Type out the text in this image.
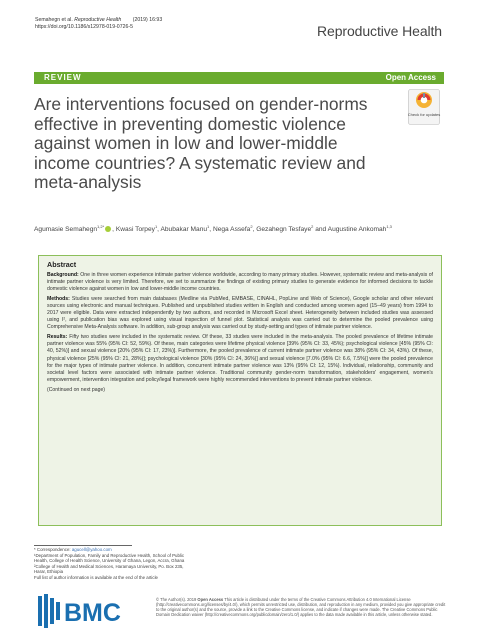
Semahegn et al. Reproductive Health (2019) 16:93
https://doi.org/10.1186/s12978-019-0726-5	Reproductive Health
REVIEW	Open Access
Are interventions focused on gender-norms effective in preventing domestic violence against women in low and lower-middle income countries? A systematic review and meta-analysis
Check for updates
Agumasie Semahegn$^{1,2*}$ , Kwasi Torpey$^1$, Abubakar Manu$^1$, Nega Assefa$^2$, Gezahegn Tesfaye$^2$ and Augustine Ankomah$^{1,3}$
Abstract

Background: One in three women experience intimate partner violence worldwide, according to many primary studies. However, systematic review and meta-analysis of intimate partner violence is very limited. Therefore, we set to summarize the findings of existing primary studies to generate evidence for informed decisions to tackle domestic violence against women in low and lower-middle income countries.

Methods: Studies were searched from main databases (Medline via PubMed, EMBASE, CINAHL, PopLine and Web of Science), Google scholar and other relevant sources using electronic and manual techniques. Published and unpublished studies written in English and conducted among women aged (15–49 years) from 1994 to 2017 were eligible. Data were extracted independently by two authors, and recorded in Microsoft Excel sheet. Heterogeneity between included studies was assessed using I², and publication bias was explored using visual inspection of funnel plot. Statistical analysis was carried out to determine the pooled prevalence using Comprehensive Meta-Analysis software. In addition, sub-group analysis was carried out by study-setting and types of intimate partner violence.

Results: Fifty two studies were included in the systematic review. Of these, 33 studies were included in the meta-analysis. The pooled prevalence of lifetime intimate partner violence was 55% (95% CI: 52, 59%). Of these, main categories were lifetime physical violence [39% (95% CI: 33, 45%); psychological violence [45% (95% CI: 40, 52%)] and sexual violence [20% (95% CI: 17, 23%)]. Furthermore, the pooled prevalence of current intimate partner violence was 38% (95% CI: 34, 43%). Of these, physical violence [25% (95% CI: 21, 28%)]; psychological violence [30% (95% CI: 24, 36%)] and sexual violence [7.0% (95% CI: 6.6, 7.5%)] were the pooled prevalence for the major types of intimate partner violence. In addition, concurrent intimate partner violence was 13% (95% CI: 12, 15%). Individual, relationship, community and societal level factors were associated with intimate partner violence. Traditional community gender-norm transformation, stakeholders' engagement, women's empowerment, intervention integration and policy/legal framework were highly recommended interventions to prevent intimate partner violence.

(Continued on next page)

* Correspondence: agucell@yahoo.com
¹Department of Population, Family and Reproductive Health, School of Public Health, College of Health Science, University of Ghana, Legon, Accra, Ghana
²College of Health and Medical Sciences, Haramaya University, Po. Box 235, Harar, Ethiopia
Full list of author information is available at the end of the article
BMC	© The Author(s). 2019 Open Access This article is distributed under the terms of the Creative Commons Attribution 4.0 International License (http://creativecommons.org/licenses/by/4.0/), which permits unrestricted use, distribution, and reproduction in any medium, provided you give appropriate credit to the original author(s) and the source, provide a link to the Creative Commons license, and indicate if changes were made. The Creative Commons Public Domain Dedication waiver (http://creativecommons.org/publicdomain/zero/1.0/) applies to the data made available in this article, unless otherwise stated.
